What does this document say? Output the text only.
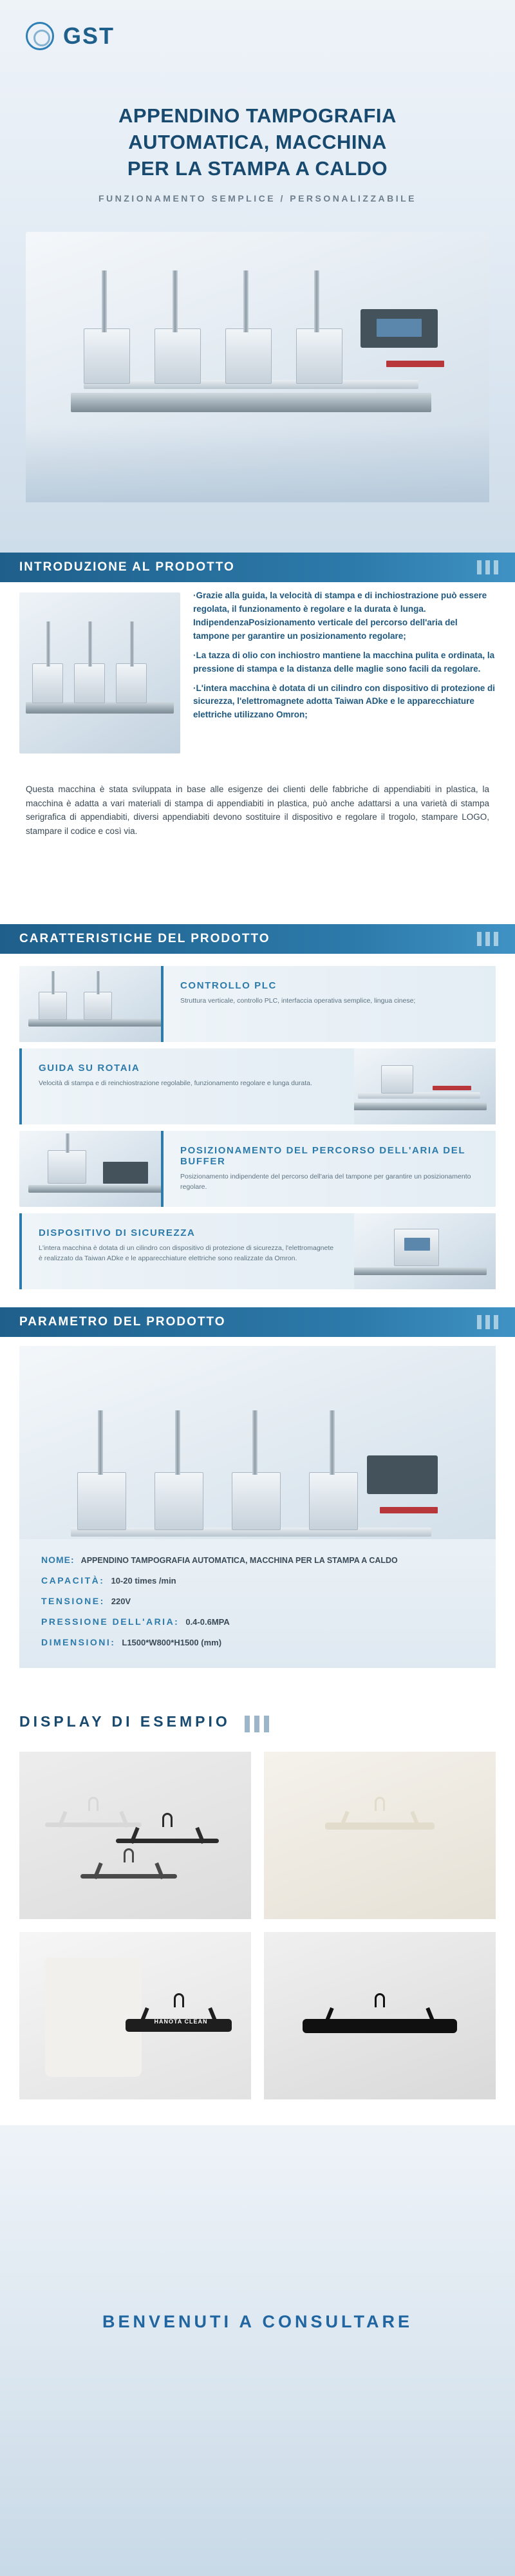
GST
APPENDINO TAMPOGRAFIA
AUTOMATICA, MACCHINA
PER LA STAMPA A CALDO
FUNZIONAMENTO SEMPLICE / PERSONALIZZABILE
INTRODUZIONE AL PRODOTTO

·Grazie alla guida, la velocità di stampa e di inchiostrazione può essere regolata, il funzionamento è regolare e la durata è lunga. IndipendenzaPosizionamento verticale del percorso dell'aria del tampone per garantire un posizionamento regolare;

·La tazza di olio con inchiostro mantiene la macchina pulita e ordinata, la pressione di stampa e la distanza delle maglie sono facili da regolare.

·L'intera macchina è dotata di un cilindro con dispositivo di protezione di sicurezza, l'elettromagnete adotta Taiwan ADke e le apparecchiature elettriche utilizzano Omron;

Questa macchina è stata sviluppata in base alle esigenze dei clienti delle fabbriche di appendiabiti in plastica, la macchina è adatta a vari materiali di stampa di appendiabiti in plastica, può anche adattarsi a una varietà di stampa serigrafica di appendiabiti, diversi appendiabiti devono sostituire il dispositivo e regolare il trogolo, stampare LOGO, stampare il codice e così via.
CARATTERISTICHE DEL PRODOTTO
CONTROLLO PLC
Struttura verticale, controllo PLC, interfaccia operativa semplice, lingua cinese;
GUIDA SU ROTAIA
Velocità di stampa e di reinchiostrazione regolabile, funzionamento regolare e lunga durata.
POSIZIONAMENTO DEL PERCORSO DELL'ARIA DEL BUFFER
Posizionamento indipendente del percorso dell'aria del tampone per garantire un posizionamento regolare.
DISPOSITIVO DI SICUREZZA
L'intera macchina è dotata di un cilindro con dispositivo di protezione di sicurezza, l'elettromagnete è realizzato da Taiwan ADke e le apparecchiature elettriche sono realizzate da Omron.
PARAMETRO DEL PRODOTTO
NOME: APPENDINO TAMPOGRAFIA AUTOMATICA, MACCHINA PER LA STAMPA A CALDO
CAPACITÀ: 10-20 times /min
TENSIONE: 220V
PRESSIONE DELL'ARIA: 0.4-0.6MPA
DIMENSIONI: L1500*W800*H1500 (mm)
DISPLAY DI ESEMPIO
HANOTA CLEAN
BENVENUTI A CONSULTARE
